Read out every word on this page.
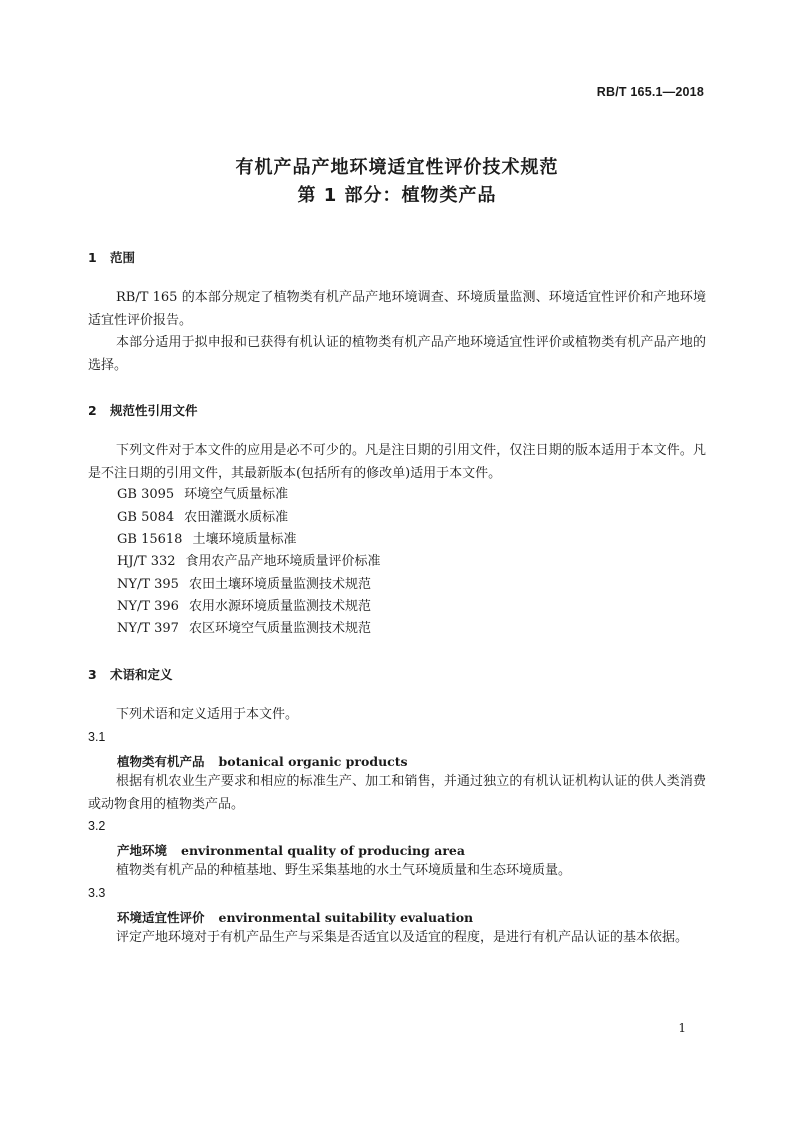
RB/T 165.1—2018
有机产品产地环境适宜性评价技术规范
第 1 部分：植物类产品
1 范围
RB/T 165 的本部分规定了植物类有机产品产地环境调查、环境质量监测、环境适宜性评价和产地环境适宜性评价报告。
本部分适用于拟申报和已获得有机认证的植物类有机产品产地环境适宜性评价或植物类有机产品产地的选择。
2 规范性引用文件
下列文件对于本文件的应用是必不可少的。凡是注日期的引用文件，仅注日期的版本适用于本文件。凡是不注日期的引用文件，其最新版本(包括所有的修改单)适用于本文件。
GB 3095 环境空气质量标准
GB 5084 农田灌溉水质标准
GB 15618 土壤环境质量标准
HJ/T 332 食用农产品产地环境质量评价标准
NY/T 395 农田土壤环境质量监测技术规范
NY/T 396 农用水源环境质量监测技术规范
NY/T 397 农区环境空气质量监测技术规范
3 术语和定义
下列术语和定义适用于本文件。
3.1
植物类有机产品 botanical organic products
根据有机农业生产要求和相应的标准生产、加工和销售，并通过独立的有机认证机构认证的供人类消费或动物食用的植物类产品。
3.2
产地环境 environmental quality of producing area
植物类有机产品的种植基地、野生采集基地的水土气环境质量和生态环境质量。
3.3
环境适宜性评价 environmental suitability evaluation
评定产地环境对于有机产品生产与采集是否适宜以及适宜的程度，是进行有机产品认证的基本依据。
1
